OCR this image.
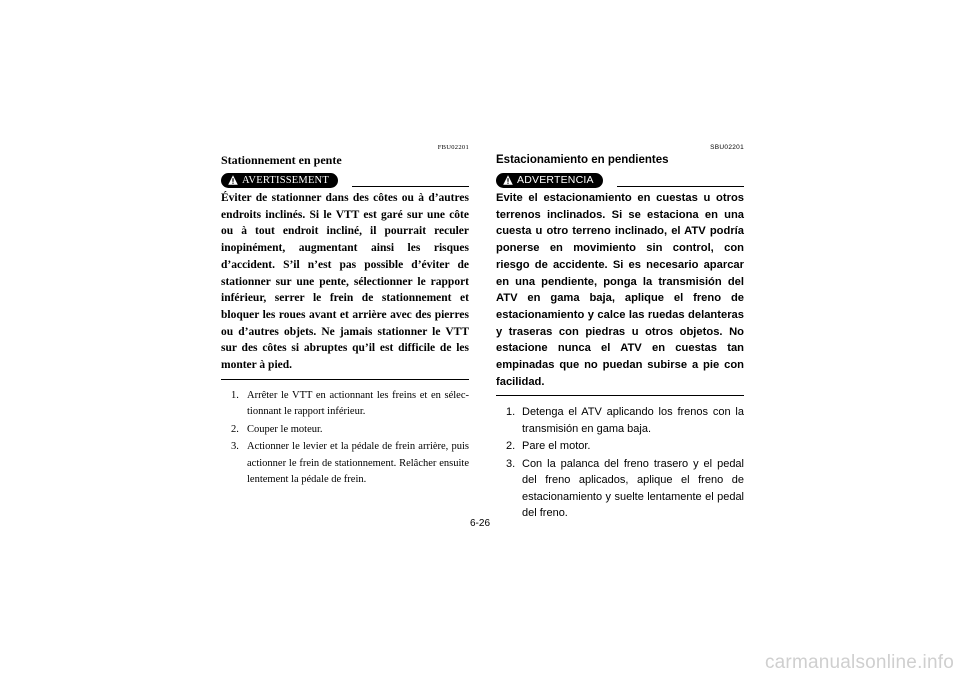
FBU02201
Stationnement en pente
AVERTISSEMENT

Éviter de stationner dans des côtes ou à d’autres endroits inclinés. Si le VTT est garé sur une côte ou à tout endroit incliné, il pourrait reculer inopinément, augmentant ainsi les risques d’accident. S’il n’est pas possible d’éviter de stationner sur une pente, sélectionner le rapport inférieur, serrer le frein de stationnement et bloquer les roues avant et arrière avec des pierres ou d’autres objets. Ne jamais stationner le VTT sur des côtes si abruptes qu’il est difficile de les monter à pied.

1. Arrêter le VTT en actionnant les freins et en sélectionnant le rapport inférieur.
2. Couper le moteur.
3. Actionner le levier et la pédale de frein arrière, puis actionner le frein de stationnement. Relâcher ensuite lentement la pédale de frein.
SBU02201
Estacionamiento en pendientes
ADVERTENCIA

Evite el estacionamiento en cuestas u otros terrenos inclinados. Si se estaciona en una cuesta u otro terreno inclinado, el ATV podría ponerse en movimiento sin control, con riesgo de accidente. Si es necesario aparcar en una pendiente, ponga la transmisión del ATV en gama baja, aplique el freno de estacionamiento y calce las ruedas delanteras y traseras con piedras u otros objetos. No estacione nunca el ATV en cuestas tan empinadas que no puedan subirse a pie con facilidad.

1. Detenga el ATV aplicando los frenos con la transmisión en gama baja.
2. Pare el motor.
3. Con la palanca del freno trasero y el pedal del freno aplicados, aplique el freno de estacionamiento y suelte lentamente el pedal del freno.
6-26
carmanualsonline.info
